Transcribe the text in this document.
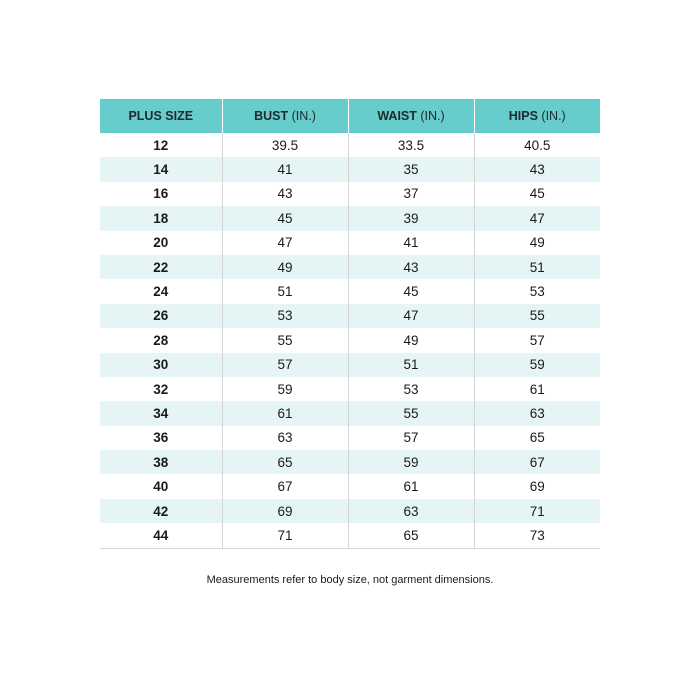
PLUS SIZE	BUST (IN.)	WAIST (IN.)	HIPS (IN.)
12	39.5	33.5	40.5
14	41	35	43
16	43	37	45
18	45	39	47
20	47	41	49
22	49	43	51
24	51	45	53
26	53	47	55
28	55	49	57
30	57	51	59
32	59	53	61
34	61	55	63
36	63	57	65
38	65	59	67
40	67	61	69
42	69	63	71
44	71	65	73
Measurements refer to body size, not garment dimensions.
